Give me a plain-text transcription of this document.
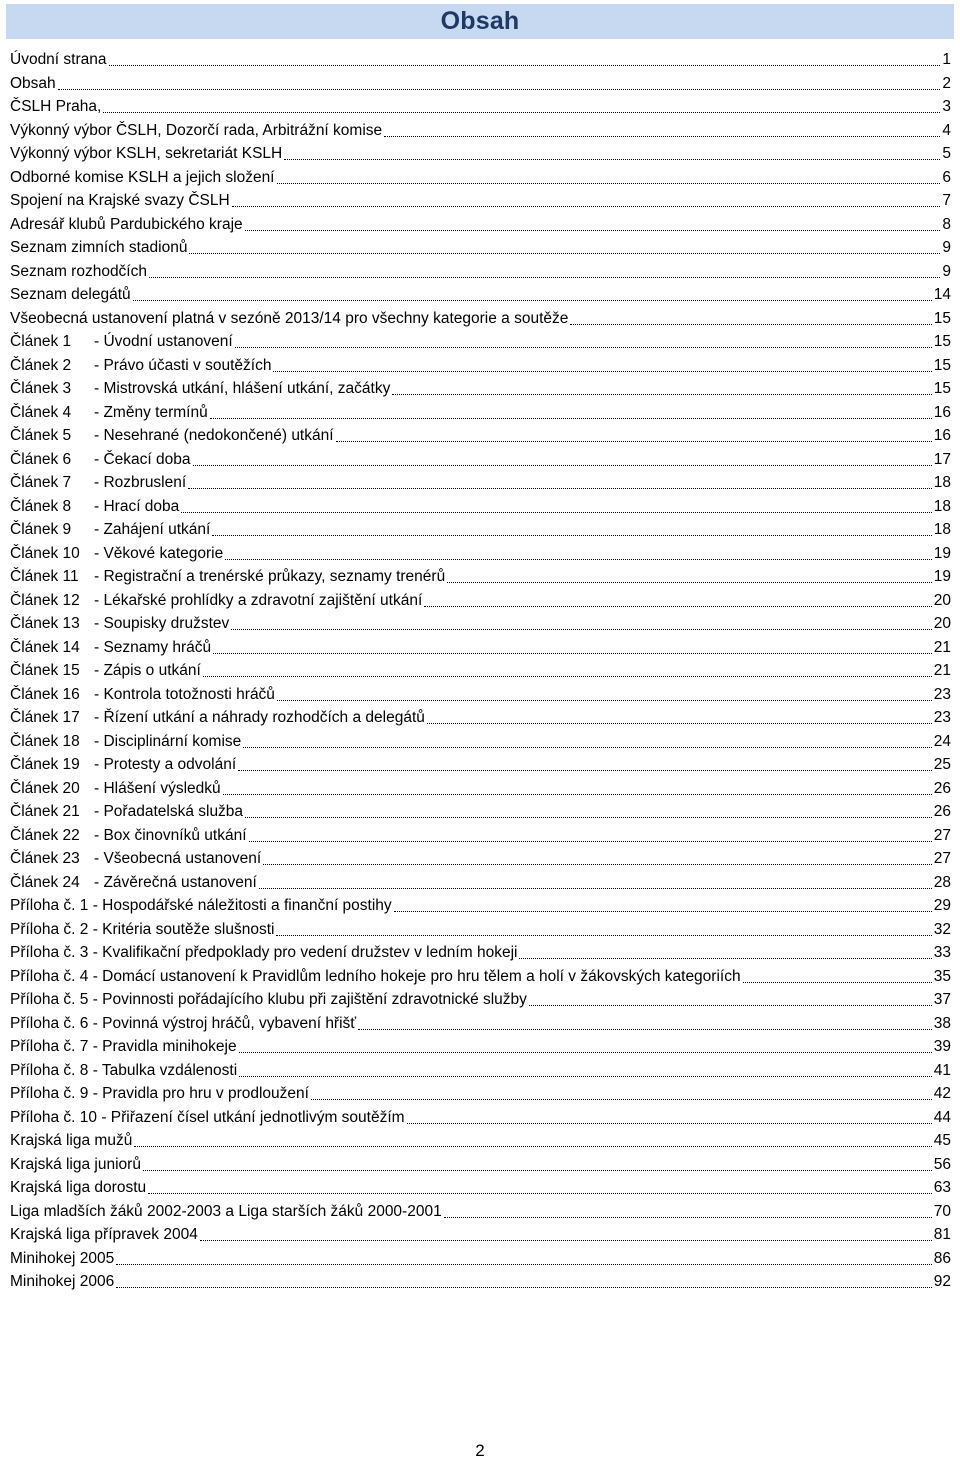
Obsah
Úvodní strana	1
Obsah	2
ČSLH Praha,	3
Výkonný výbor ČSLH, Dozorčí rada, Arbitrážní komise	4
Výkonný výbor KSLH, sekretariát KSLH	5
Odborné komise KSLH a jejich složení	6
Spojení na Krajské svazy ČSLH	7
Adresář klubů Pardubického kraje	8
Seznam zimních stadionů	9
Seznam rozhodčích	9
Seznam delegátů	14
Všeobecná ustanovení platná v sezóně 2013/14 pro všechny kategorie a soutěže	15
Článek 1	- Úvodní ustanovení	15
Článek 2	- Právo účasti v soutěžích	15
Článek 3	- Mistrovská utkání, hlášení utkání, začátky	15
Článek 4	- Změny termínů	16
Článek 5	- Nesehrané (nedokončené) utkání	16
Článek 6	- Čekací doba	17
Článek 7	- Rozbruslení	18
Článek 8	- Hrací doba	18
Článek 9	- Zahájení utkání	18
Článek 10 - Věkové kategorie	19
Článek 11 - Registrační a trenérské průkazy, seznamy trenérů	19
Článek 12 - Lékařské prohlídky a zdravotní zajištění utkání	20
Článek 13 - Soupisky družstev	20
Článek 14 - Seznamy hráčů	21
Článek 15 - Zápis o utkání	21
Článek 16 - Kontrola totožnosti hráčů	23
Článek 17 - Řízení utkání a náhrady rozhodčích a delegátů	23
Článek 18 - Disciplinární komise	24
Článek 19 - Protesty a odvolání	25
Článek 20 - Hlášení výsledků	26
Článek 21 - Pořadatelská služba	26
Článek 22 - Box činovníků utkání	27
Článek 23 - Všeobecná ustanovení	27
Článek 24 - Závěrečná ustanovení	28
Příloha č. 1 - Hospodářské náležitosti a finanční postihy	29
Příloha č. 2 - Kritéria soutěže slušnosti	32
Příloha č. 3 - Kvalifikační předpoklady pro vedení družstev v ledním hokeji	33
Příloha č. 4 - Domácí ustanovení k Pravidlům ledního hokeje pro hru tělem a holí v žákovských kategoriích	35
Příloha č. 5 - Povinnosti pořádajícího klubu při zajištění zdravotnické služby	37
Příloha č. 6 - Povinná výstroj hráčů, vybavení hřišť	38
Příloha č. 7 - Pravidla minihokeje	39
Příloha č. 8 - Tabulka vzdálenosti	41
Příloha č. 9 - Pravidla pro hru v prodloužení	42
Příloha č. 10 - Přiřazení čísel utkání jednotlivým soutěžím	44
Krajská liga mužů	45
Krajská liga juniorů	56
Krajská liga dorostu	63
Liga mladších žáků 2002-2003 a Liga starších žáků 2000-2001	70
Krajská liga přípravek 2004	81
Minihokej 2005	86
Minihokej 2006	92
2
